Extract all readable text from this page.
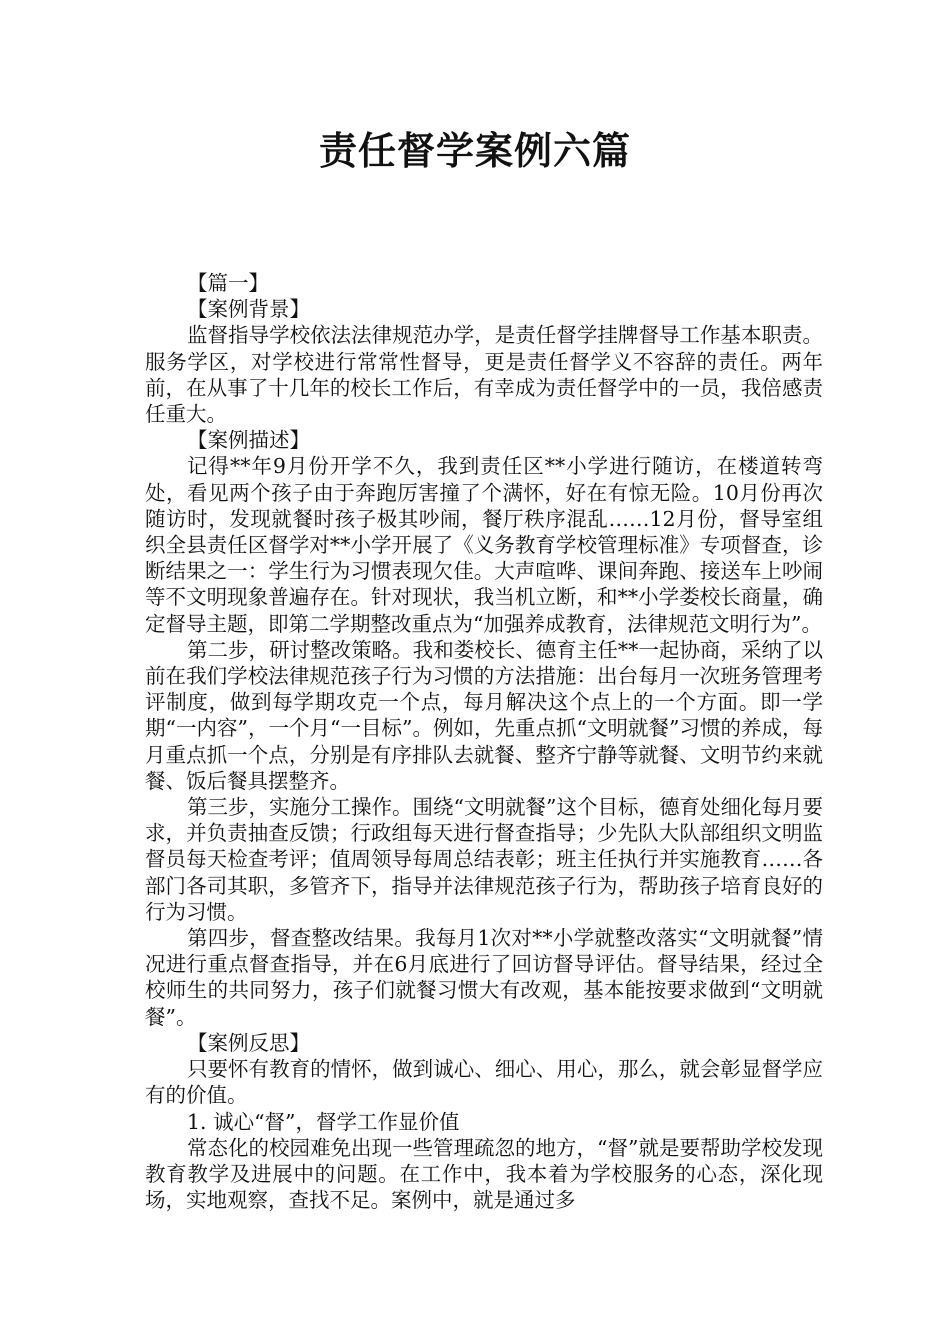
责任督学案例六篇

【篇一】

【案例背景】

监督指导学校依法法律规范办学，是责任督学挂牌督导工作基本职责。服务学区，对学校进行常常性督导，更是责任督学义不容辞的责任。两年前，在从事了十几年的校长工作后，有幸成为责任督学中的一员，我倍感责任重大。

【案例描述】

记得**年9月份开学不久，我到责任区**小学进行随访，在楼道转弯处，看见两个孩子由于奔跑厉害撞了个满怀，好在有惊无险。10月份再次随访时，发现就餐时孩子极其吵闹，餐厅秩序混乱……12月份，督导室组织全县责任区督学对**小学开展了《义务教育学校管理标准》专项督查，诊断结果之一：学生行为习惯表现欠佳。大声喧哗、课间奔跑、接送车上吵闹等不文明现象普遍存在。针对现状，我当机立断，和**小学娄校长商量，确定督导主题，即第二学期整改重点为“加强养成教育，法律规范文明行为”。

第二步，研讨整改策略。我和娄校长、德育主任**一起协商，采纳了以前在我们学校法律规范孩子行为习惯的方法措施：出台每月一次班务管理考评制度，做到每学期攻克一个点，每月解决这个点上的一个方面。即一学期“一内容”，一个月“一目标”。例如，先重点抓“文明就餐”习惯的养成，每月重点抓一个点，分别是有序排队去就餐、整齐宁静等就餐、文明节约来就餐、饭后餐具摆整齐。

第三步，实施分工操作。围绕“文明就餐”这个目标，德育处细化每月要求，并负责抽查反馈；行政组每天进行督查指导；少先队大队部组织文明监督员每天检查考评；值周领导每周总结表彰；班主任执行并实施教育……各部门各司其职，多管齐下，指导并法律规范孩子行为，帮助孩子培育良好的行为习惯。

第四步，督查整改结果。我每月1次对**小学就整改落实“文明就餐”情况进行重点督查指导，并在6月底进行了回访督导评估。督导结果，经过全校师生的共同努力，孩子们就餐习惯大有改观，基本能按要求做到“文明就餐”。

【案例反思】

只要怀有教育的情怀，做到诚心、细心、用心，那么，就会彰显督学应有的价值。

1. 诚心“督”，督学工作显价值

常态化的校园难免出现一些管理疏忽的地方，“督”就是要帮助学校发现教育教学及进展中的问题。在工作中，我本着为学校服务的心态，深化现场，实地观察，查找不足。案例中，就是通过多
